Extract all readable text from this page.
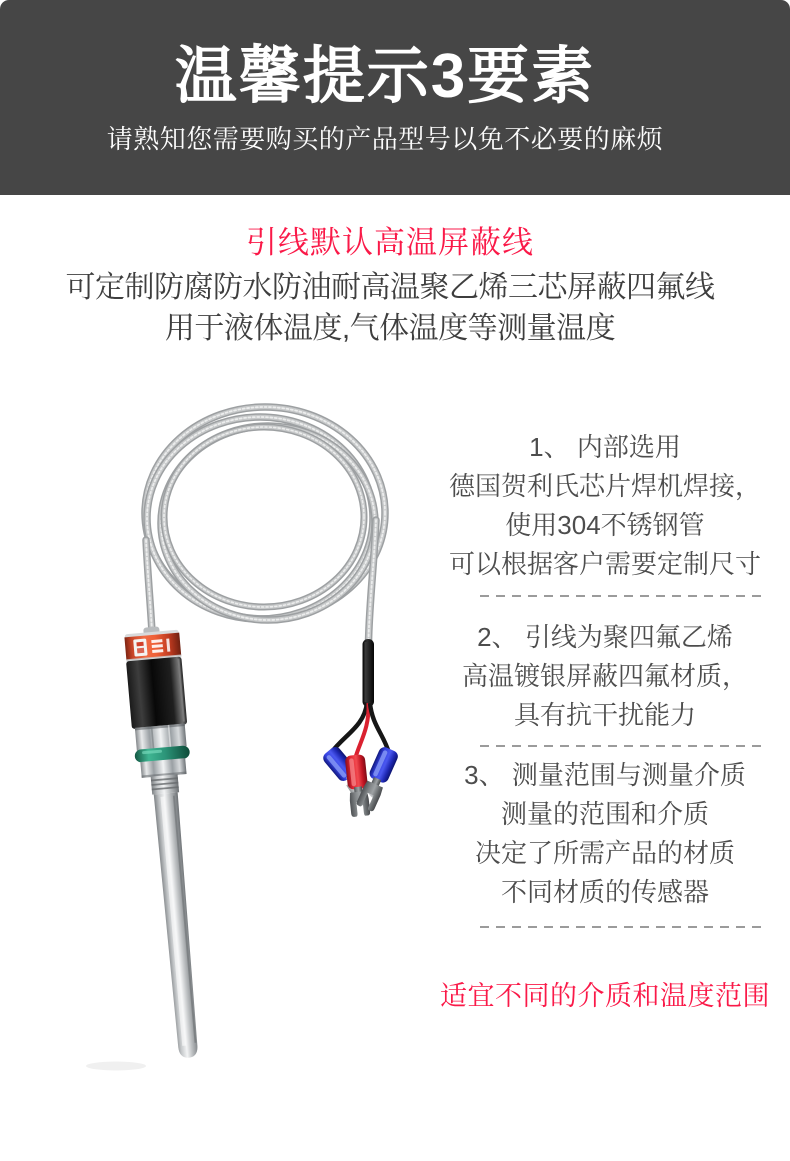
温馨提示3要素

请熟知您需要购买的产品型号以免不必要的麻烦

引线默认高温屏蔽线

可定制防腐防水防油耐高温聚乙烯三芯屏蔽四氟线

用于液体温度,气体温度等测量温度

1、 内部选用

德国贺利氏芯片焊机焊接，

使用304不锈钢管

可以根据客户需要定制尺寸

2、 引线为聚四氟乙烯

高温镀银屏蔽四氟材质，

具有抗干扰能力

3、 测量范围与测量介质

测量的范围和介质

决定了所需产品的材质

不同材质的传感器

适宜不同的介质和温度范围
